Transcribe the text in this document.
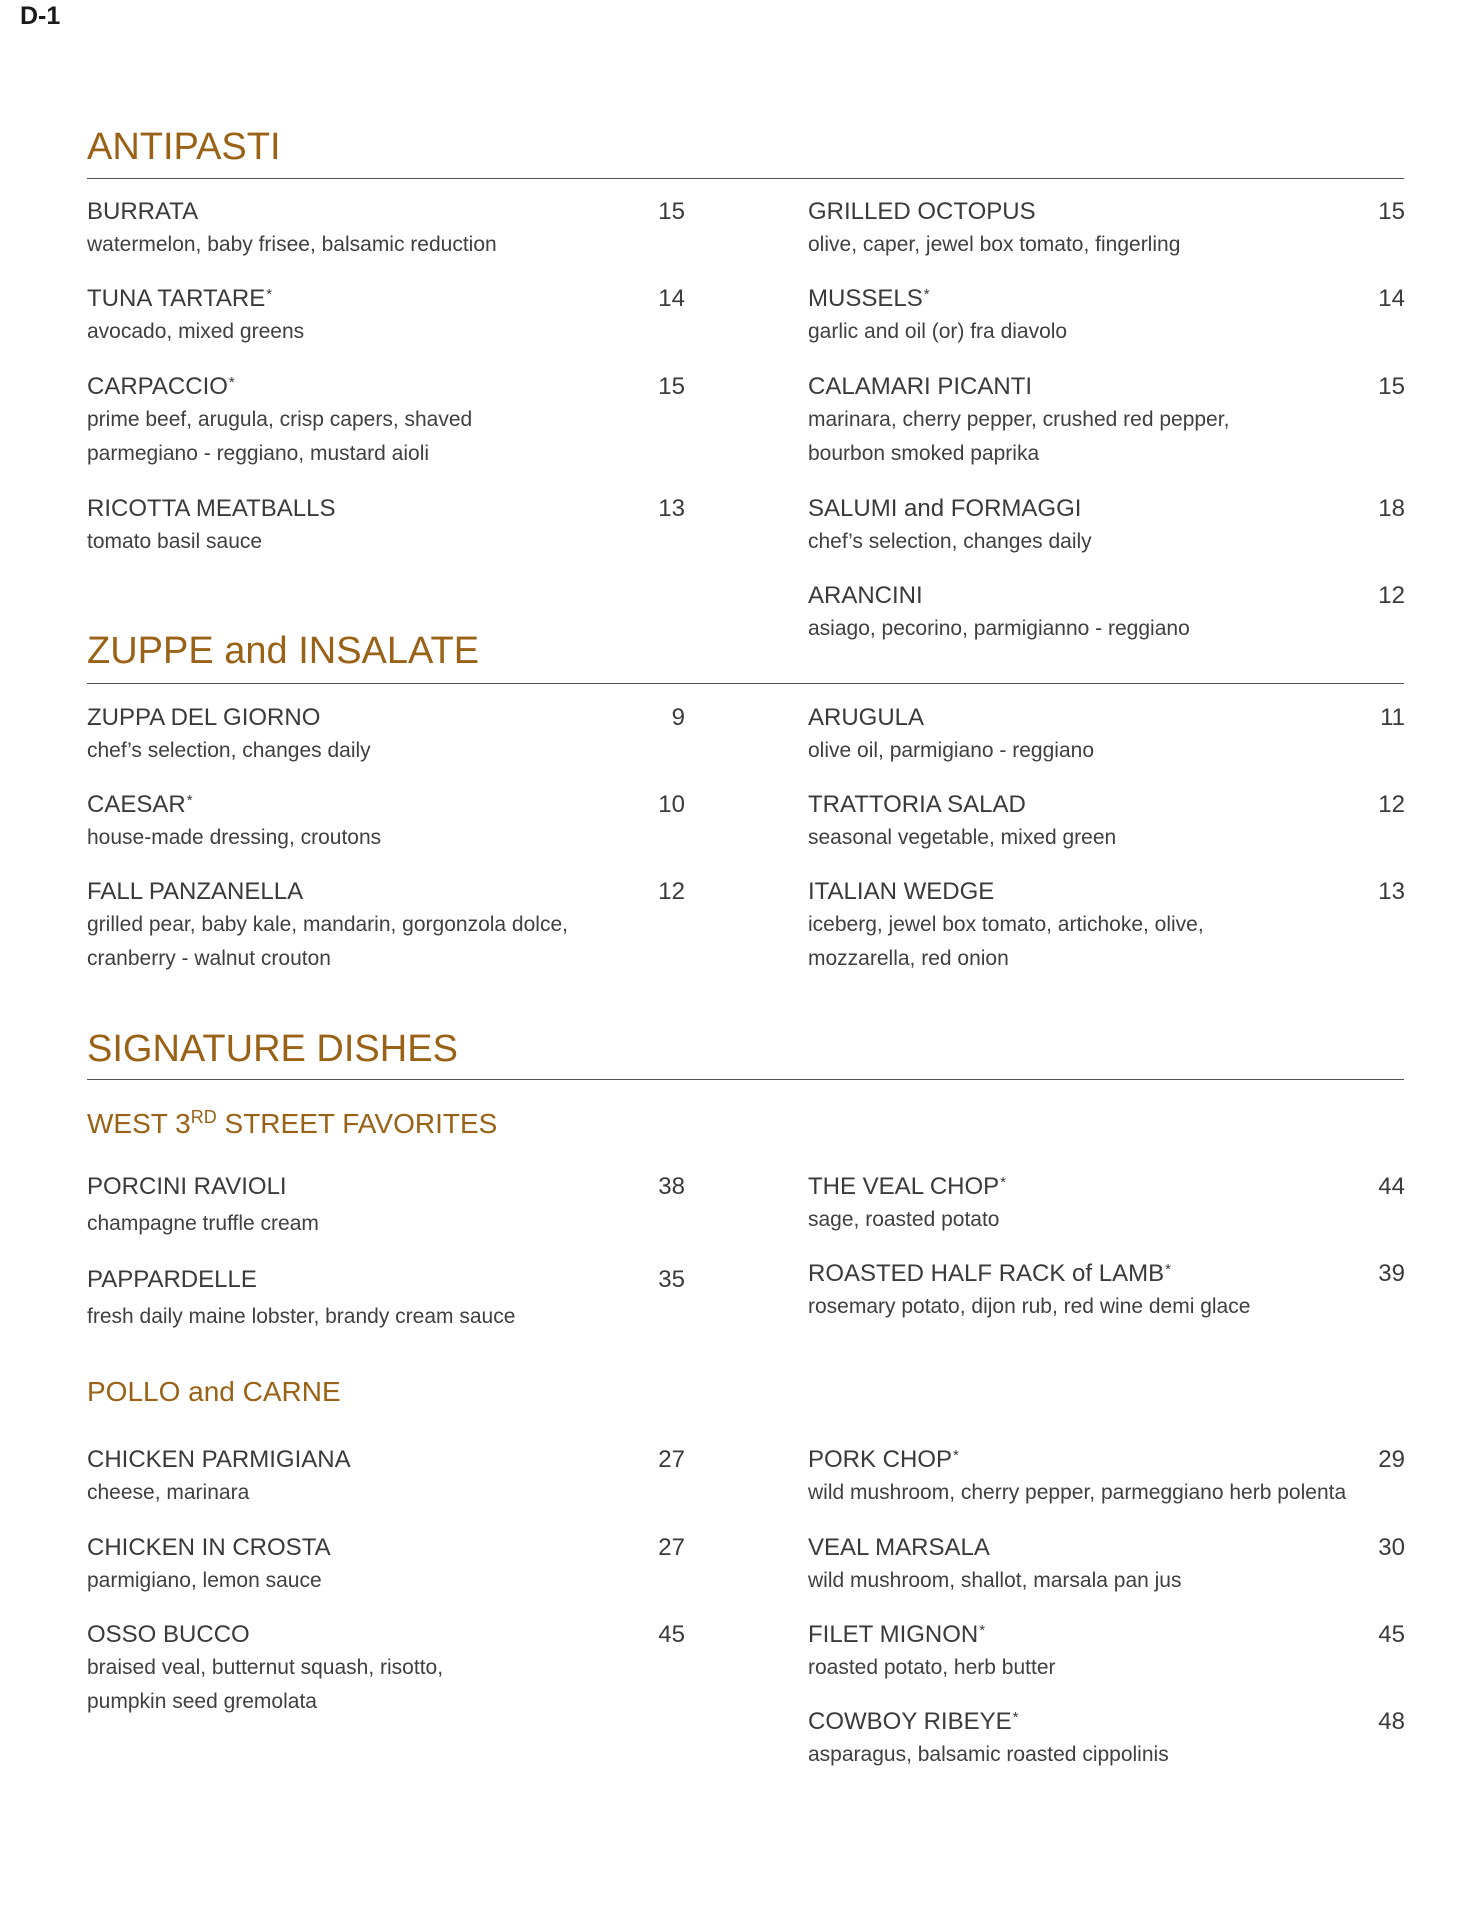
D-1
ANTIPASTI
BURRATA	15
watermelon, baby frisee, balsamic reduction
TUNA TARTARE*	14
avocado, mixed greens
CARPACCIO*	15
prime beef, arugula, crisp capers, shaved parmegiano - reggiano, mustard aioli
RICOTTA MEATBALLS	13
tomato basil sauce
GRILLED OCTOPUS	15
olive, caper, jewel box tomato, fingerling
MUSSELS*	14
garlic and oil (or) fra diavolo
CALAMARI PICANTI	15
marinara, cherry pepper, crushed red pepper, bourbon smoked paprika
SALUMI and FORMAGGI	18
chef’s selection, changes daily
ARANCINI	12
asiago, pecorino, parmigianno - reggiano
ZUPPE and INSALATE
ZUPPA DEL GIORNO	9
chef’s selection, changes daily
CAESAR*	10
house-made dressing, croutons
FALL PANZANELLA	12
grilled pear, baby kale, mandarin, gorgonzola dolce, cranberry - walnut crouton
ARUGULA	11
olive oil, parmigiano - reggiano
TRATTORIA SALAD	12
seasonal vegetable, mixed green
ITALIAN WEDGE	13
iceberg, jewel box tomato, artichoke, olive, mozzarella, red onion
SIGNATURE DISHES
WEST 3RD STREET FAVORITES
PORCINI RAVIOLI	38
champagne truffle cream
PAPPARDELLE	35
fresh daily maine lobster, brandy cream sauce
THE VEAL CHOP*	44
sage, roasted potato
ROASTED HALF RACK of LAMB*	39
rosemary potato, dijon rub, red wine demi glace
POLLO and CARNE
CHICKEN PARMIGIANA	27
cheese, marinara
CHICKEN IN CROSTA	27
parmigiano, lemon sauce
OSSO BUCCO	45
braised veal, butternut squash, risotto, pumpkin seed gremolata
PORK CHOP*	29
wild mushroom, cherry pepper, parmeggiano herb polenta
VEAL MARSALA	30
wild mushroom, shallot, marsala pan jus
FILET MIGNON*	45
roasted potato, herb butter
COWBOY RIBEYE*	48
asparagus, balsamic roasted cippolinis
